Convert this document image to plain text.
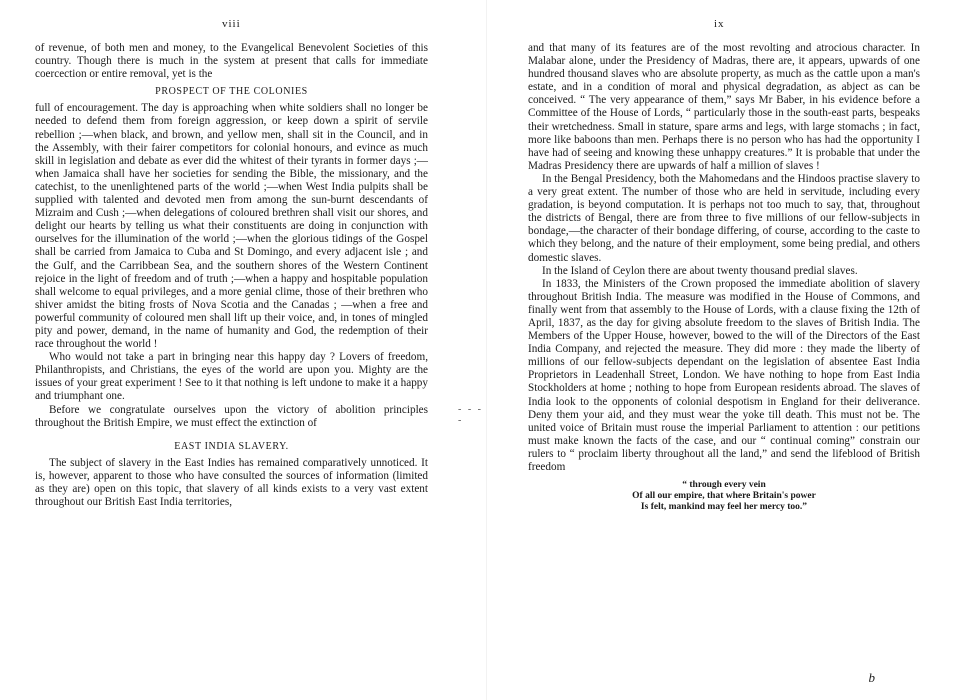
viii

of revenue, of both men and money, to the Evangelical Benevolent Societies of this country. Though there is much in the system at present that calls for immediate coercection or entire removal, yet is the

PROSPECT OF THE COLONIES

full of encouragement. The day is approaching when white soldiers shall no longer be needed to defend them from foreign aggression, or keep down a spirit of servile rebellion ;—when black, and brown, and yellow men, shall sit in the Council, and in the Assembly, with their fairer competitors for colonial honours, and evince as much skill in legislation and debate as ever did the whitest of their tyrants in former days ;—when Jamaica shall have her societies for sending the Bible, the missionary, and the catechist, to the unenlightened parts of the world ;—when West India pulpits shall be supplied with talented and devoted men from among the sun-burnt descendants of Mizraim and Cush ;—when delegations of coloured brethren shall visit our shores, and delight our hearts by telling us what their constituents are doing in conjunction with ourselves for the illumination of the world ;—when the glorious tidings of the Gospel shall be carried from Jamaica to Cuba and St Domingo, and every adjacent isle ; and the Gulf, and the Carribbean Sea, and the southern shores of the Western Continent rejoice in the light of freedom and of truth ;—when a happy and hospitable population shall welcome to equal privileges, and a more genial clime, those of their brethren who shiver amidst the biting frosts of Nova Scotia and the Canadas ; —when a free and powerful community of coloured men shall lift up their voice, and, in tones of mingled pity and power, demand, in the name of humanity and God, the redemption of their race throughout the world !

Who would not take a part in bringing near this happy day ? Lovers of freedom, Philanthropists, and Christians, the eyes of the world are upon you. Mighty are the issues of your great experiment ! See to it that nothing is left undone to make it a happy and triumphant one.

Before we congratulate ourselves upon the victory of abolition principles throughout the British Empire, we must effect the extinction of

EAST INDIA SLAVERY.

The subject of slavery in the East Indies has remained comparatively unnoticed. It is, however, apparent to those who have consulted the sources of information (limited as they are) open on this topic, that slavery of all kinds exists to a very vast extent throughout our British East India territories,

- - - -
ix

and that many of its features are of the most revolting and atrocious character. In Malabar alone, under the Presidency of Madras, there are, it appears, upwards of one hundred thousand slaves who are absolute property, as much as the cattle upon a man's estate, and in a condition of moral and physical degradation, as abject as can be conceived. “ The very appearance of them,” says Mr Baber, in his evidence before a Committee of the House of Lords, “ particularly those in the south-east parts, bespeaks their wretchedness. Small in stature, spare arms and legs, with large stomachs ; in fact, more like baboons than men. Perhaps there is no person who has had the opportunity I have had of seeing and knowing these unhappy creatures.” It is probable that under the Madras Presidency there are upwards of half a million of slaves !

In the Bengal Presidency, both the Mahomedans and the Hindoos practise slavery to a very great extent. The number of those who are held in servitude, including every gradation, is beyond computation. It is perhaps not too much to say, that, throughout the districts of Bengal, there are from three to five millions of our fellow-subjects in bondage,—the character of their bondage differing, of course, according to the caste to which they belong, and the nature of their employment, some being predial, and others domestic slaves.

In the Island of Ceylon there are about twenty thousand predial slaves.

In 1833, the Ministers of the Crown proposed the immediate abolition of slavery throughout British India. The measure was modified in the House of Commons, and finally went from that assembly to the House of Lords, with a clause fixing the 12th of April, 1837, as the day for giving absolute freedom to the slaves of British India. The Members of the Upper House, however, bowed to the will of the Directors of the East India Company, and rejected the measure. They did more : they made the liberty of millions of our fellow-subjects dependant on the legislation of absentee East India Proprietors in Leadenhall Street, London. We have nothing to hope from East India Stockholders at home ; nothing to hope from European residents abroad. The slaves of India look to the opponents of colonial despotism in England for their deliverance. Deny them your aid, and they must wear the yoke till death. This must not be. The united voice of Britain must rouse the imperial Parliament to attention : our petitions must make known the facts of the case, and our “ continual coming” constrain our rulers to “ proclaim liberty throughout all the land,” and send the lifeblood of British freedom

“ through every vein
Of all our empire, that where Britain's power
Is felt, mankind may feel her mercy too.”
b
